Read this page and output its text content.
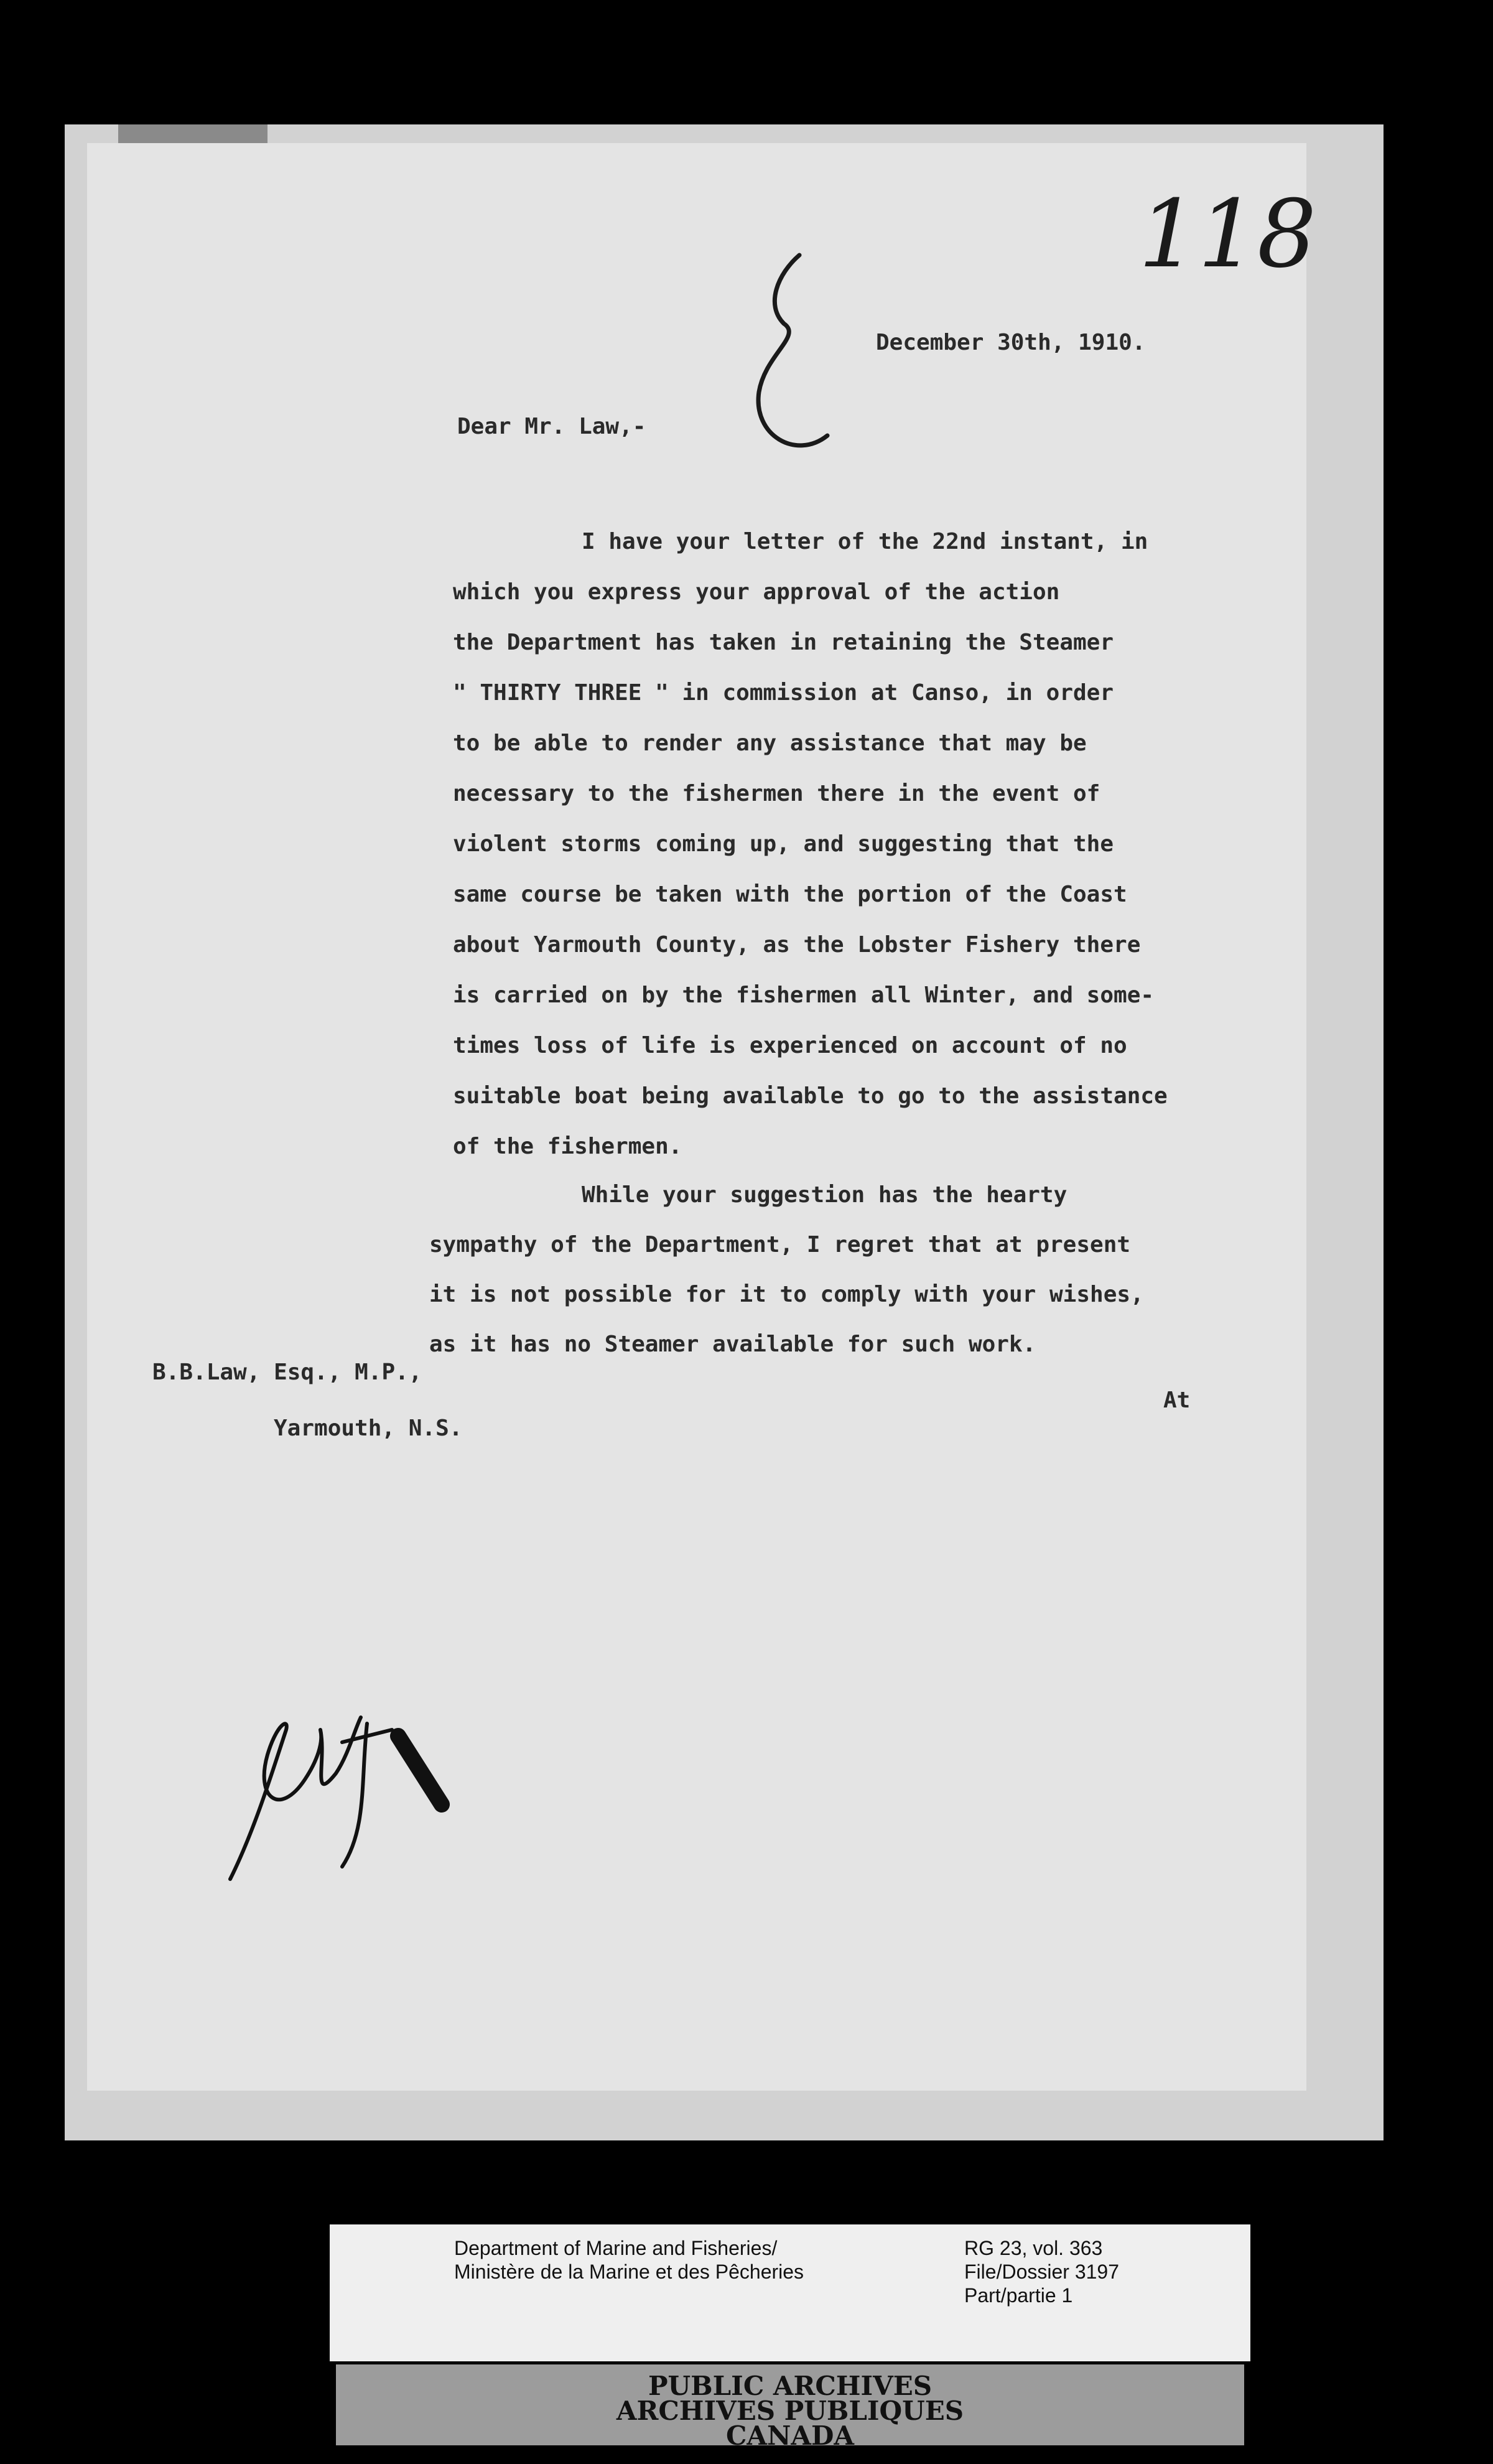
118
December 30th, 1910.
Dear Mr. Law,-
I have your letter of the 22nd instant, in
which you express your approval of the action
the Department has taken in retaining the Steamer
" THIRTY THREE " in commission at Canso, in order
to be able to render any assistance that may be
necessary to the fishermen there in the event of
violent storms coming up, and suggesting that the
same course be taken with the portion of the Coast
about Yarmouth County, as the Lobster Fishery there
is carried on by the fishermen all Winter, and some-
times loss of life is experienced on account of no
suitable boat being available to go to the assistance
of the fishermen.
While your suggestion has the hearty
sympathy of the Department, I regret that at present
it is not possible for it to comply with your wishes,
as it has no Steamer available for such work.
B.B.Law, Esq., M.P.,
Yarmouth, N.S.
At
Department of Marine and Fisheries/
Ministère de la Marine et des Pêcheries
RG 23, vol. 363
File/Dossier 3197
Part/partie 1
PUBLIC ARCHIVES
ARCHIVES PUBLIQUES
CANADA
